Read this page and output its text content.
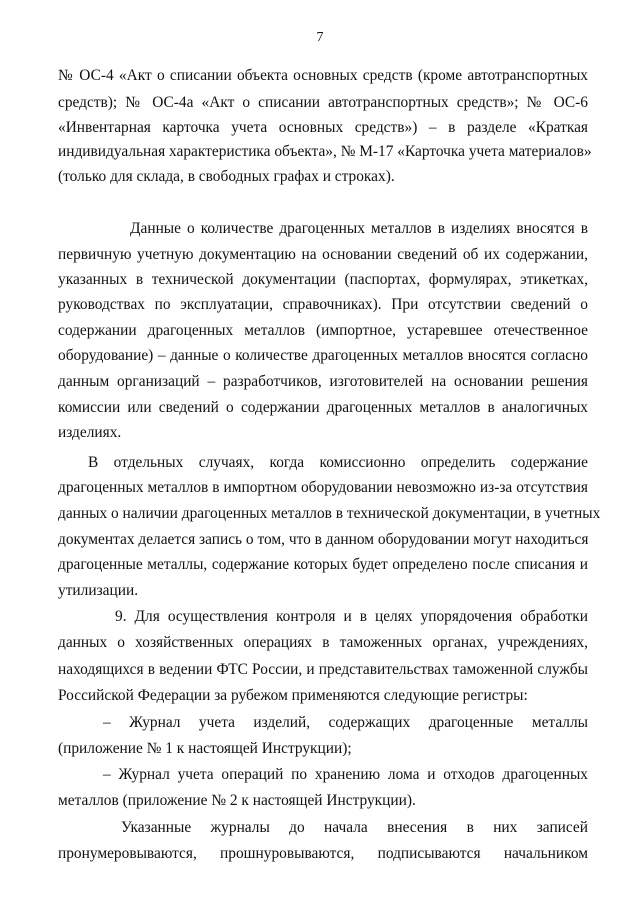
7
№ ОС-4 «Акт о списании объекта основных средств (кроме автотранспортных
средств); № ОС-4а «Акт о списании автотранспортных средств»; № ОС-6
«Инвентарная карточка учета основных средств») – в разделе «Краткая
индивидуальная характеристика объекта», № М-17 «Карточка учета материалов»
(только для склада, в свободных графах и строках).
Данные о количестве драгоценных металлов в изделиях вносятся в
первичную учетную документацию на основании сведений об их содержании,
указанных в технической документации (паспортах, формулярах, этикетках,
руководствах по эксплуатации, справочниках). При отсутствии сведений о
содержании драгоценных металлов (импортное, устаревшее отечественное
оборудование) – данные о количестве драгоценных металлов вносятся согласно
данным организаций – разработчиков, изготовителей на основании решения
комиссии или сведений о содержании драгоценных металлов в аналогичных
изделиях.
В отдельных случаях, когда комиссионно определить содержание
драгоценных металлов в импортном оборудовании невозможно из-за отсутствия
данных о наличии драгоценных металлов в технической документации, в учетных
документах делается запись о том, что в данном оборудовании могут находиться
драгоценные металлы, содержание которых будет определено после списания и
утилизации.
9. Для осуществления контроля и в целях упорядочения обработки
данных о хозяйственных операциях в таможенных органах, учреждениях,
находящихся в ведении ФТС России, и представительствах таможенной службы
Российской Федерации за рубежом применяются следующие регистры:
– Журнал учета изделий, содержащих драгоценные металлы
(приложение № 1 к настоящей Инструкции);
– Журнал учета операций по хранению лома и отходов драгоценных
металлов (приложение № 2 к настоящей Инструкции).
Указанные журналы до начала внесения в них записей
пронумеровываются, прошнуровываются, подписываются начальником
